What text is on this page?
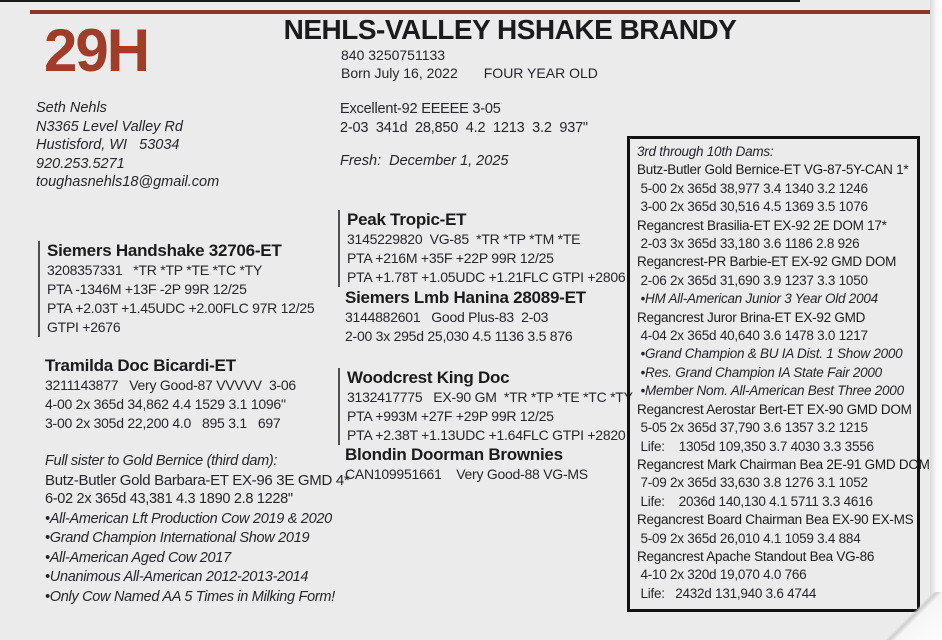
29H	NEHLS-VALLEY HSHAKE BRANDY
840 3250751133
Born July 16, 2022 FOUR YEAR OLD
Seth Nehls
N3365 Level Valley Rd
Hustisford, WI   53034
920.253.5271
toughasnehls18@gmail.com
Excellent-92 EEEEE 3-05
2-03  341d  28,850  4.2  1213  3.2  937"
Fresh:  December 1, 2025
Siemers Handshake 32706-ET
3208357331   *TR *TP *TE *TC *TY
PTA -1346M +13F -2P 99R 12/25
PTA +2.03T +1.45UDC +2.00FLC 97R 12/25
GTPI +2676
Tramilda Doc Bicardi-ET
3211143877   Very Good-87 VVVVV  3-06
4-00 2x 365d 34,862 4.4 1529 3.1 1096"
3-00 2x 305d 22,200 4.0   895 3.1   697
Full sister to Gold Bernice (third dam):
Butz-Butler Gold Barbara-ET EX-96 3E GMD 4*
6-02 2x 365d 43,381 4.3 1890 2.8 1228"
•All-American Lft Production Cow 2019 & 2020
•Grand Champion International Show 2019
•All-American Aged Cow 2017
•Unanimous All-American 2012-2013-2014
•Only Cow Named AA 5 Times in Milking Form!
Peak Tropic-ET
3145229820  VG-85  *TR *TP *TM *TE
PTA +216M +35F +22P 99R 12/25
PTA +1.78T +1.05UDC +1.21FLC GTPI +2806
Siemers Lmb Hanina 28089-ET
3144882601   Good Plus-83  2-03
2-00 3x 295d 25,030 4.5 1136 3.5 876
Woodcrest King Doc
3132417775   EX-90 GM  *TR *TP *TE *TC *TY
PTA +993M +27F +29P 99R 12/25
PTA +2.38T +1.13UDC +1.64FLC GTPI +2820
Blondin Doorman Brownies
CAN109951661    Very Good-88 VG-MS
3rd through 10th Dams:
Butz-Butler Gold Bernice-ET VG-87-5Y-CAN 1*
5-00 2x 365d 38,977 3.4 1340 3.2 1246
3-00 2x 365d 30,516 4.5 1369 3.5 1076
Regancrest Brasilia-ET EX-92 2E DOM 17*
2-03 3x 365d 33,180 3.6 1186 2.8 926
Regancrest-PR Barbie-ET EX-92 GMD DOM
2-06 2x 365d 31,690 3.9 1237 3.3 1050
•HM All-American Junior 3 Year Old 2004
Regancrest Juror Brina-ET EX-92 GMD
4-04 2x 365d 40,640 3.6 1478 3.0 1217
•Grand Champion & BU IA Dist. 1 Show 2000
•Res. Grand Champion IA State Fair 2000
•Member Nom. All-American Best Three 2000
Regancrest Aerostar Bert-ET EX-90 GMD DOM
5-05 2x 365d 37,790 3.6 1357 3.2 1215
Life:    1305d 109,350 3.7 4030 3.3 3556
Regancrest Mark Chairman Bea 2E-91 GMD DOM
7-09 2x 365d 33,630 3.8 1276 3.1 1052
Life:    2036d 140,130 4.1 5711 3.3 4616
Regancrest Board Chairman Bea EX-90 EX-MS
5-09 2x 365d 26,010 4.1 1059 3.4 884
Regancrest Apache Standout Bea VG-86
4-10 2x 320d 19,070 4.0 766
Life:   2432d 131,940 3.6 4744
